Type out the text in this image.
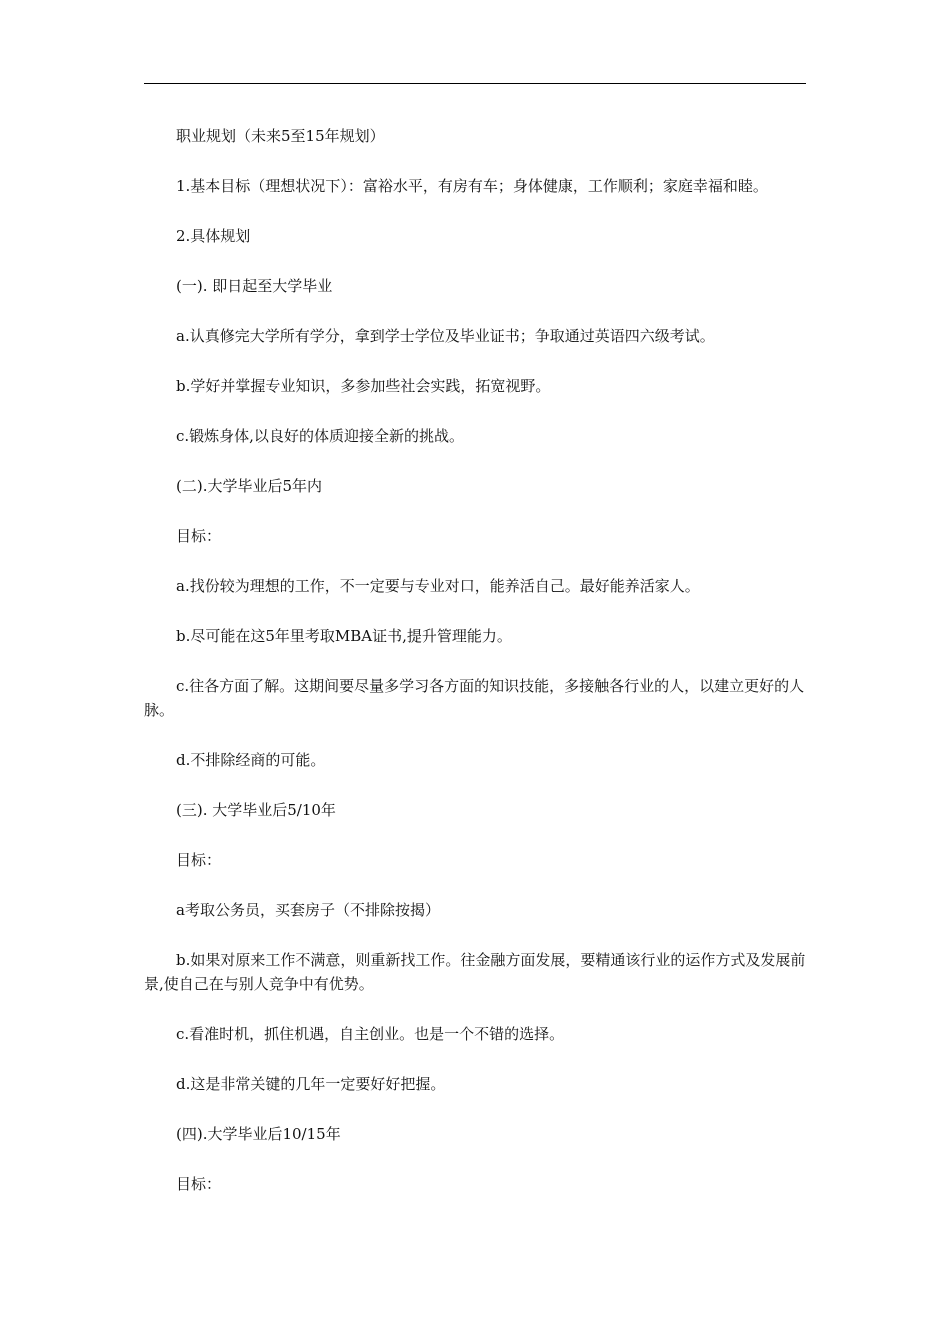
职业规划（未来5至15年规划）

1.基本目标（理想状况下）：富裕水平，有房有车；身体健康，工作顺利；家庭幸福和睦。

2.具体规划

(一). 即日起至大学毕业

a.认真修完大学所有学分，拿到学士学位及毕业证书；争取通过英语四六级考试。

b.学好并掌握专业知识，多参加些社会实践，拓宽视野。

c.锻炼身体,以良好的体质迎接全新的挑战。

(二).大学毕业后5年内

目标：

a.找份较为理想的工作，不一定要与专业对口，能养活自己。最好能养活家人。

b.尽可能在这5年里考取MBA证书,提升管理能力。

c.往各方面了解。这期间要尽量多学习各方面的知识技能，多接触各行业的人，以建立更好的人脉。

d.不排除经商的可能。

(三). 大学毕业后5/10年

目标：

a考取公务员，买套房子（不排除按揭）

b.如果对原来工作不满意，则重新找工作。往金融方面发展，要精通该行业的运作方式及发展前景,使自己在与别人竞争中有优势。

c.看准时机，抓住机遇，自主创业。也是一个不错的选择。

d.这是非常关键的几年一定要好好把握。

(四).大学毕业后10/15年

目标：
